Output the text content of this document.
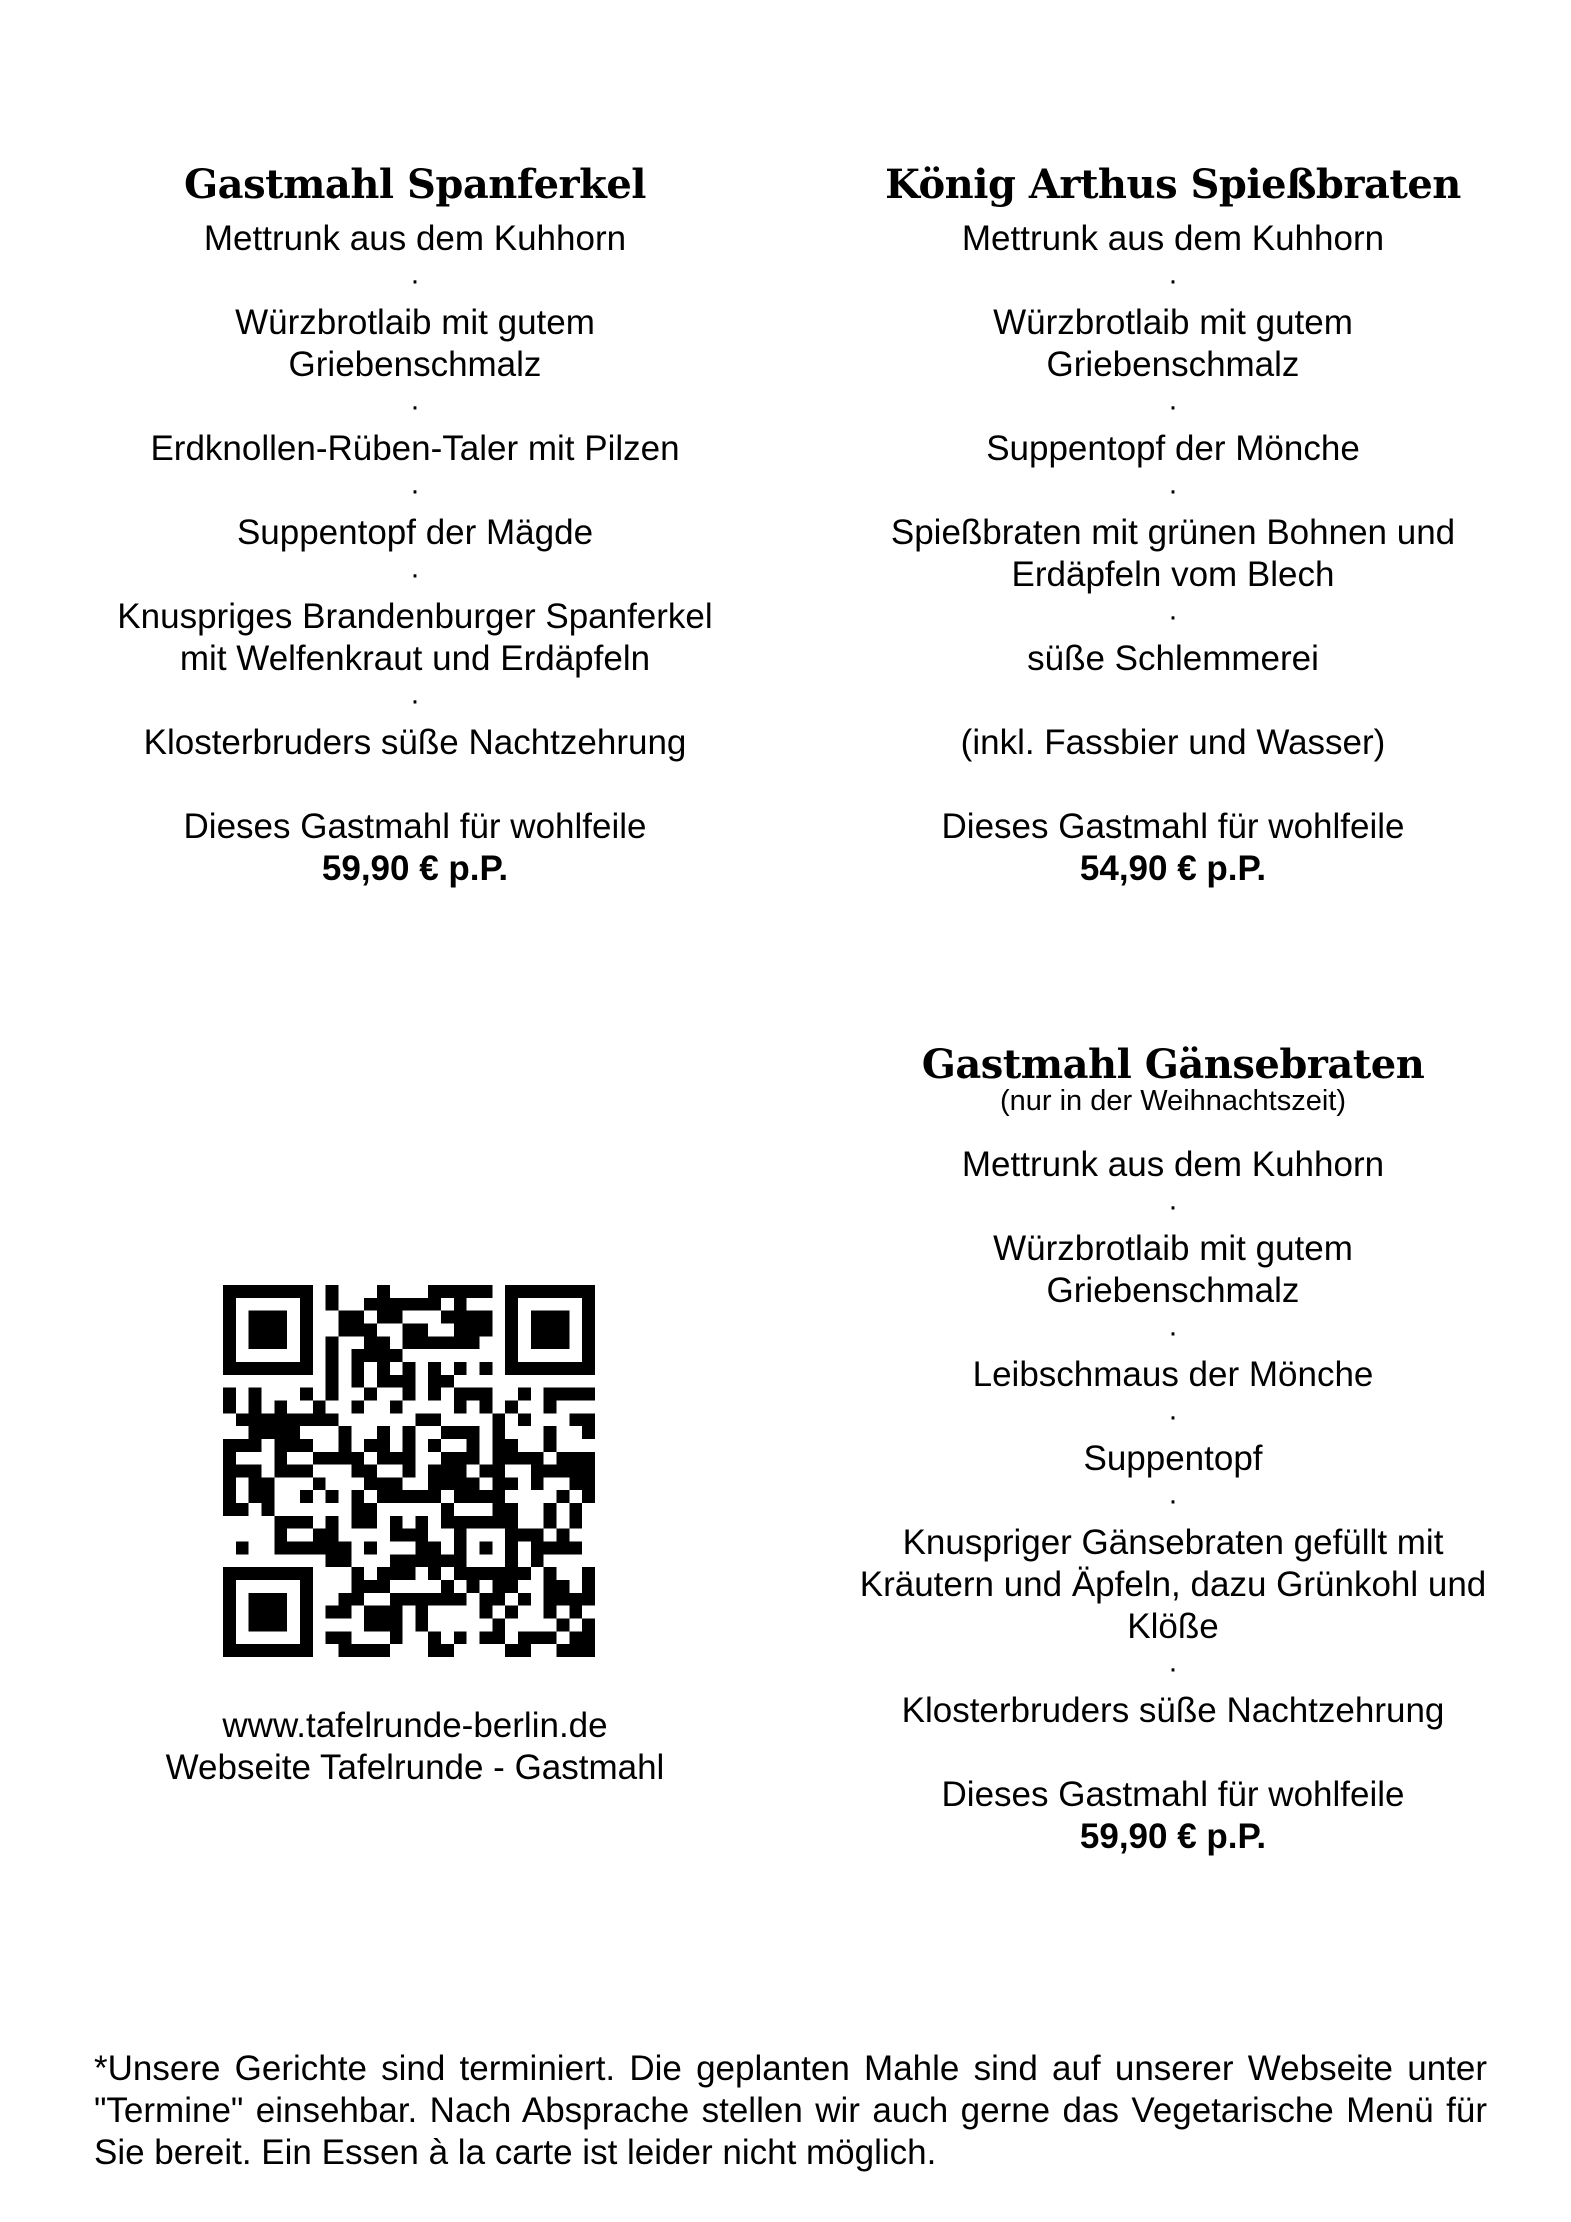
Gastmahl Spanferkel
Mettrunk aus dem Kuhhorn
·
Würzbrotlaib mit gutem Griebenschmalz
·
Erdknollen-Rüben-Taler mit Pilzen
·
Suppentopf der Mägde
·
Knuspriges Brandenburger Spanferkel mit Welfenkraut und Erdäpfeln
·
Klosterbruders süße Nachtzehrung
Dieses Gastmahl für wohlfeile
59,90 € p.P.
König Arthus Spießbraten
Mettrunk aus dem Kuhhorn
·
Würzbrotlaib mit gutem Griebenschmalz
·
Suppentopf der Mönche
·
Spießbraten mit grünen Bohnen und Erdäpfeln vom Blech
·
süße Schlemmerei
(inkl. Fassbier und Wasser)
Dieses Gastmahl für wohlfeile
54,90 € p.P.
Gastmahl Gänsebraten
(nur in der Weihnachtszeit)
Mettrunk aus dem Kuhhorn
·
Würzbrotlaib mit gutem Griebenschmalz
·
Leibschmaus der Mönche
·
Suppentopf
·
Knuspriger Gänsebraten gefüllt mit Kräutern und Äpfeln, dazu Grünkohl und Klöße
·
Klosterbruders süße Nachtzehrung
Dieses Gastmahl für wohlfeile
59,90 € p.P.
www.tafelrunde-berlin.de
Webseite Tafelrunde - Gastmahl
*Unsere Gerichte sind terminiert. Die geplanten Mahle sind auf unserer Webseite unter "Termine" einsehbar. Nach Absprache stellen wir auch gerne das Vegetarische Menü für Sie bereit. Ein Essen à la carte ist leider nicht möglich.
